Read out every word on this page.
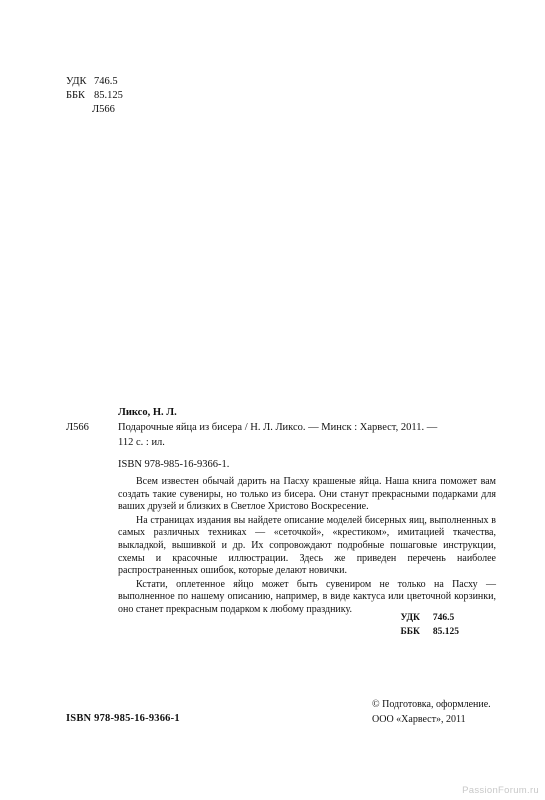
УДК 746.5
ББК 85.125
Л566
Ликсо, Н. Л.
Л566	Подарочные яйца из бисера / Н. Л. Ликсо. — Минск : Харвест, 2011. —
112 с. : ил.
ISBN 978-985-16-9366-1.

Всем известен обычай дарить на Пасху крашеные яйца. Наша книга поможет вам создать такие сувениры, но только из бисера. Они станут прекрасными подарками для ваших друзей и близких в Светлое Христово Воскресение.

На страницах издания вы найдете описание моделей бисерных яиц, выполненных в самых различных техниках — «сеточкой», «крестиком», имитацией ткачества, выкладкой, вышивкой и др. Их сопровождают подробные пошаговые инструкции, схемы и красочные иллюстрации. Здесь же приведен перечень наиболее распространенных ошибок, которые делают новички.

Кстати, оплетенное яйцо может быть сувениром не только на Пасху — выполненное по нашему описанию, например, в виде кактуса или цветочной корзинки, оно станет прекрасным подарком к любому празднику.

УДК 746.5
ББК 85.125
© Подготовка, оформление.
ООО «Харвест», 2011
ISBN 978-985-16-9366-1
PassionForum.ru
